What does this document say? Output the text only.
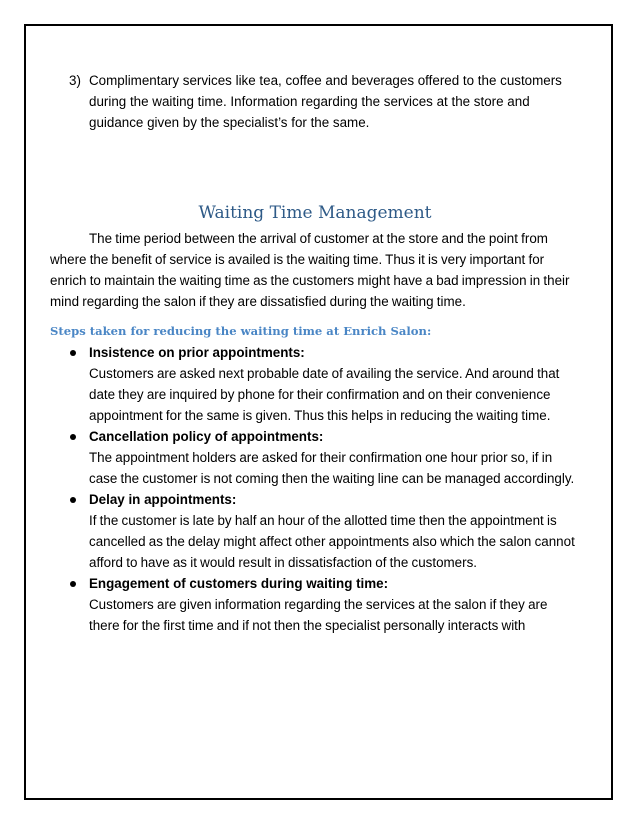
3) Complimentary services like tea, coffee and beverages offered to the customers during the waiting time. Information regarding the services at the store and guidance given by the specialist’s for the same.
Waiting Time Management

The time period between the arrival of customer at the store and the point from where the benefit of service is availed is the waiting time. Thus it is very important for enrich to maintain the waiting time as the customers might have a bad impression in their mind regarding the salon if they are dissatisfied during the waiting time.

Steps taken for reducing the waiting time at Enrich Salon:
Insistence on prior appointments:
Customers are asked next probable date of availing the service. And around that date they are inquired by phone for their confirmation and on their convenience appointment for the same is given. Thus this helps in reducing the waiting time.
Cancellation policy of appointments:
The appointment holders are asked for their confirmation one hour prior so, if in case the customer is not coming then the waiting line can be managed accordingly.
Delay in appointments:
If the customer is late by half an hour of the allotted time then the appointment is cancelled as the delay might affect other appointments also which the salon cannot afford to have as it would result in dissatisfaction of the customers.
Engagement of customers during waiting time:
Customers are given information regarding the services at the salon if they are there for the first time and if not then the specialist personally interacts with
